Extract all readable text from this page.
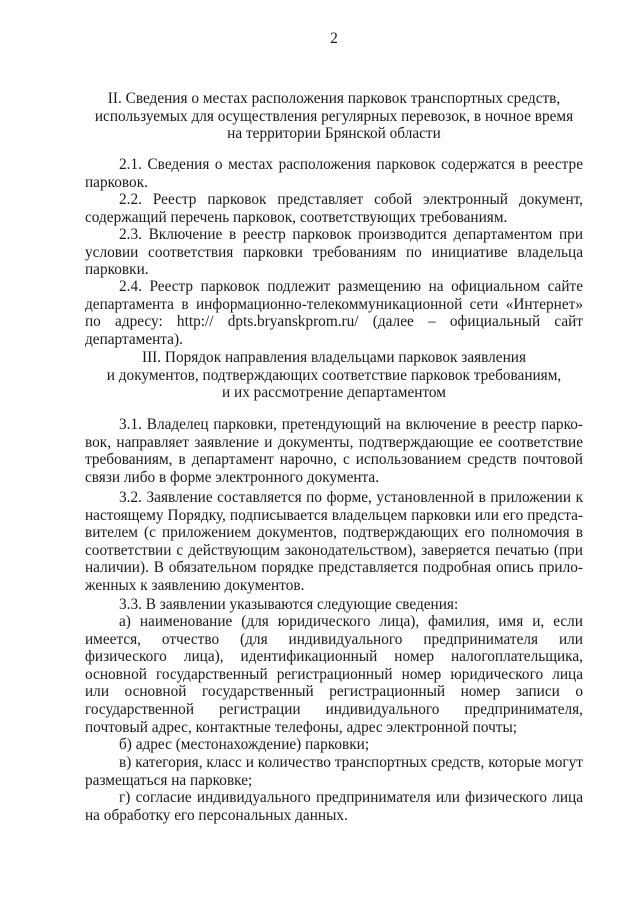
2
II. Сведения о местах расположения парковок транспортных средств,
используемых для осуществления регулярных перевозок, в ночное время
на территории Брянской области

2.1. Сведения о местах расположения парковок содержатся в реестре парковок.

2.2. Реестр парковок представляет собой электронный документ, содержащий перечень парковок, соответствующих требованиям.

2.3. Включение в реестр парковок производится департаментом при условии соответствия парковки требованиям по инициативе владельца парковки.

2.4. Реестр парковок подлежит размещению на официальном сайте департамента в информационно-телекоммуникационной сети «Интернет» по адресу: http:// dpts.bryanskprom.ru/ (далее – официальный сайт департамента).

III. Порядок направления владельцами парковок заявления
и документов, подтверждающих соответствие парковок требованиям,
и их рассмотрение департаментом

3.1. Владелец парковки, претендующий на включение в реестр парковок, направляет заявление и документы, подтверждающие ее соответствие требованиям, в департамент нарочно, с использованием средств почтовой связи либо в форме электронного документа.

3.2. Заявление составляется по форме, установленной в приложении к настоящему Порядку, подписывается владельцем парковки или его представителем (с приложением документов, подтверждающих его полномочия в соответствии с действующим законодательством), заверяется печатью (при наличии). В обязательном порядке представляется подробная опись приложенных к заявлению документов.

3.3. В заявлении указываются следующие сведения:

а) наименование (для юридического лица), фамилия, имя и, если имеется, отчество (для индивидуального предпринимателя или физического лица), идентификационный номер налогоплательщика, основной государственный регистрационный номер юридического лица или основной государственный регистрационный номер записи о государственной регистрации индивидуального предпринимателя, почтовый адрес, контактные телефоны, адрес электронной почты;

б) адрес (местонахождение) парковки;

в) категория, класс и количество транспортных средств, которые могут размещаться на парковке;

г) согласие индивидуального предпринимателя или физического лица на обработку его персональных данных.
